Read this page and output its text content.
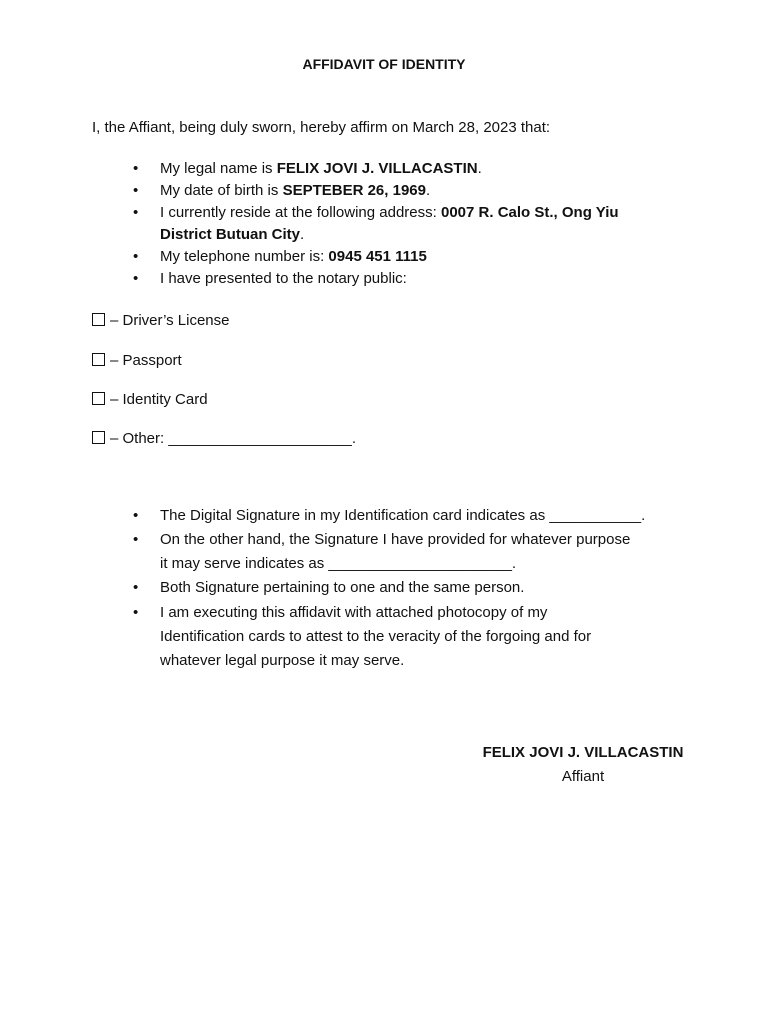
AFFIDAVIT OF IDENTITY
I, the Affiant, being duly sworn, hereby affirm on March 28, 2023 that:
• My legal name is FELIX JOVI J. VILLACASTIN.
• My date of birth is SEPTEBER 26, 1969.
• I currently reside at the following address: 0007 R. Calo St., Ong Yiu
District Butuan City.
• My telephone number is: 0945 451 1115
• I have presented to the notary public:
– Driver’s License
– Passport
– Identity Card
– Other: ______________________.
• The Digital Signature in my Identification card indicates as ___________.
• On the other hand, the Signature I have provided for whatever purpose
it may serve indicates as ______________________.
• Both Signature pertaining to one and the same person.
• I am executing this affidavit with attached photocopy of my
Identification cards to attest to the veracity of the forgoing and for
whatever legal purpose it may serve.
FELIX JOVI J. VILLACASTIN
Affiant
